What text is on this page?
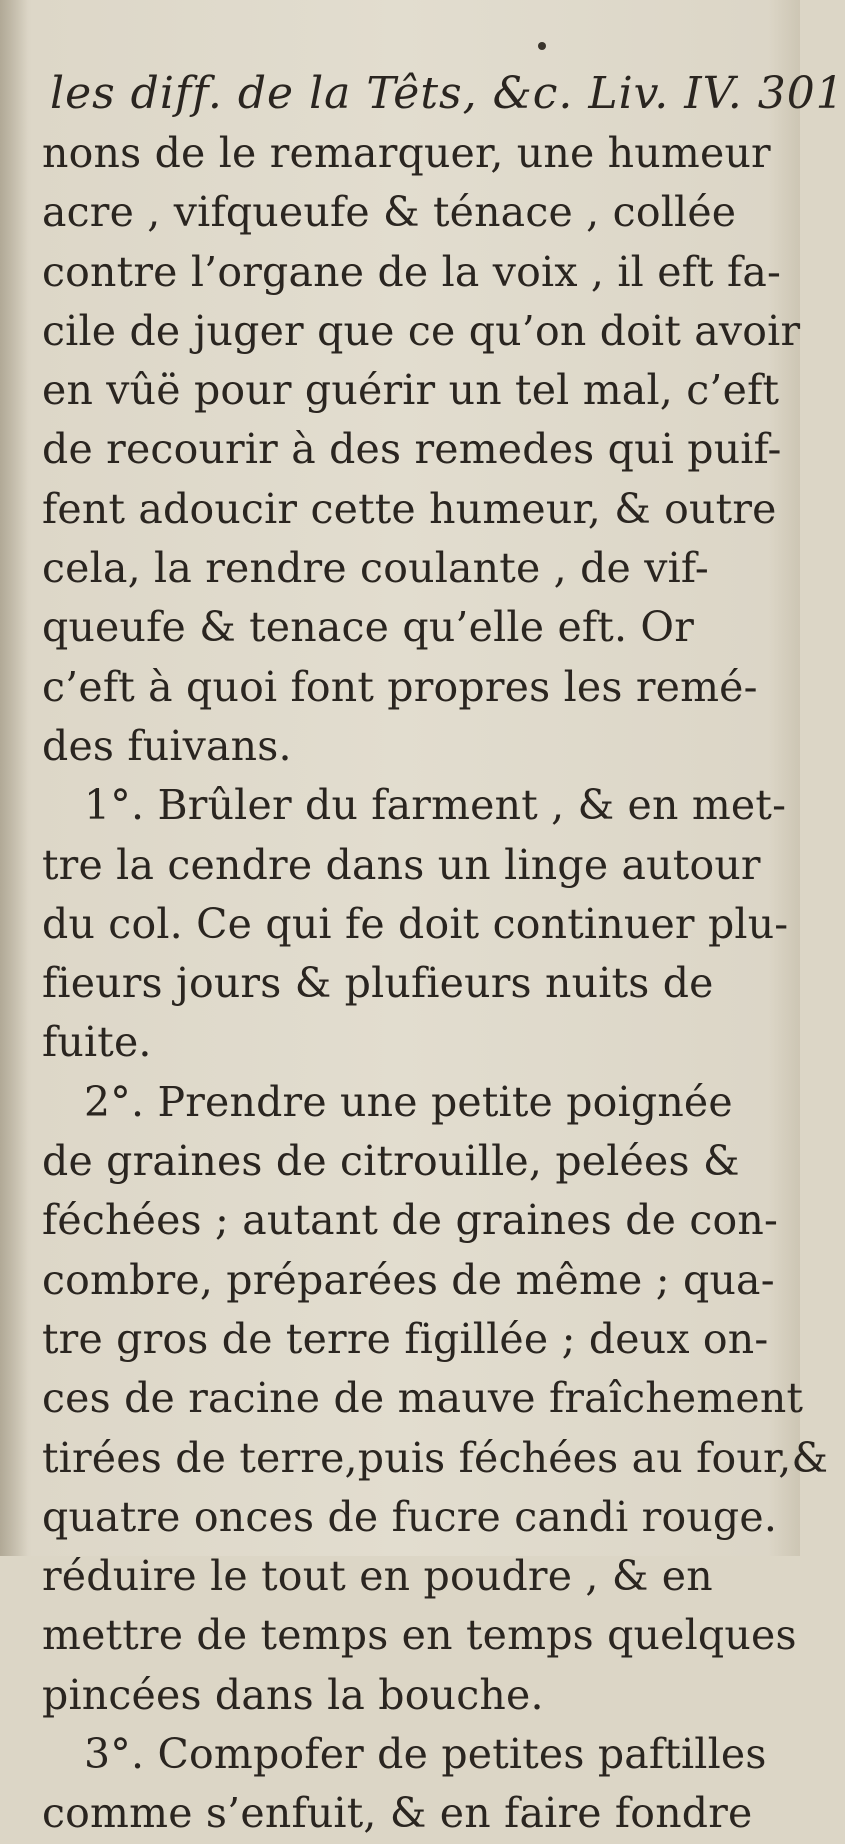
les diff. de la Têts, &c. Liv. IV. 301
nons de le remarquer, une humeur
acre , vifqueufe & ténace , collée
contre l’organe de la voix , il eft fa-
cile de juger que ce qu’on doit avoir
en vûë pour guérir un tel mal, c’eft
de recourir à des remedes qui puif-
fent adoucir cette humeur, & outre
cela, la rendre coulante , de vif-
queufe & tenace qu’elle eft. Or
c’eft à quoi font propres les remé-
des fuivans.
1°. Brûler du farment , & en met-
tre la cendre dans un linge autour
du col. Ce qui fe doit continuer plu-
fieurs jours & plufieurs nuits de
fuite.
2°. Prendre une petite poignée
de graines de citrouille, pelées &
féchées ; autant de graines de con-
combre, préparées de même ; qua-
tre gros de terre figillée ; deux on-
ces de racine de mauve fraîchement
tirées de terre,puis féchées au four,&
quatre onces de fucre candi rouge.
réduire le tout en poudre , & en
mettre de temps en temps quelques
pincées dans la bouche.
3°. Compofer de petites paftilles
comme s’enfuit, & en faire fondre
